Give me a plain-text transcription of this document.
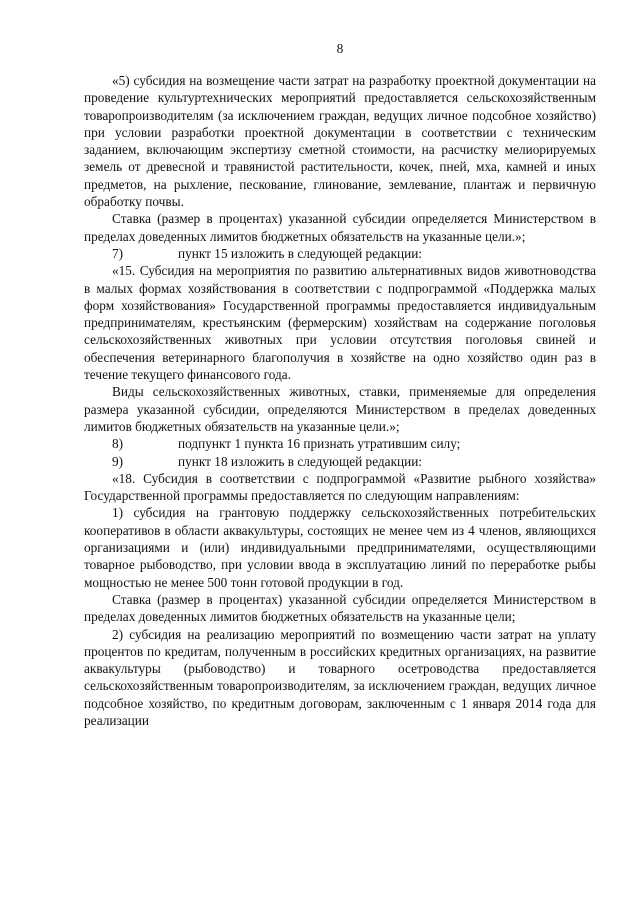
8

«5) субсидия на возмещение части затрат на разработку проектной документации на проведение культуртехнических мероприятий предоставляется сельскохозяйственным товаропроизводителям (за исключением граждан, ведущих личное подсобное хозяйство) при условии разработки проектной документации в соответствии с техническим заданием, включающим экспертизу сметной стоимости, на расчистку мелиорируемых земель от древесной и травянистой растительности, кочек, пней, мха, камней и иных предметов, на рыхление, пескование, глинование, землевание, плантаж и первичную обработку почвы.

Ставка (размер в процентах) указанной субсидии определяется Министерством в пределах доведенных лимитов бюджетных обязательств на указанные цели.»;

7)	пункт 15 изложить в следующей редакции:

«15. Субсидия на мероприятия по развитию альтернативных видов животноводства в малых формах хозяйствования в соответствии с подпрограммой «Поддержка малых форм хозяйствования» Государственной программы предоставляется индивидуальным предпринимателям, крестьянским (фермерским) хозяйствам на содержание поголовья сельскохозяйственных животных при условии отсутствия поголовья свиней и обеспечения ветеринарного благополучия в хозяйстве на одно хозяйство один раз в течение текущего финансового года.

Виды сельскохозяйственных животных, ставки, применяемые для определения размера указанной субсидии, определяются Министерством в пределах доведенных лимитов бюджетных обязательств на указанные цели.»;

8)	подпункт 1 пункта 16 признать утратившим силу;

9)	пункт 18 изложить в следующей редакции:

«18. Субсидия в соответствии с подпрограммой «Развитие рыбного хозяйства» Государственной программы предоставляется по следующим направлениям:

1) субсидия на грантовую поддержку сельскохозяйственных потребительских кооперативов в области аквакультуры, состоящих не менее чем из 4 членов, являющихся организациями и (или) индивидуальными предпринимателями, осуществляющими товарное рыбоводство, при условии ввода в эксплуатацию линий по переработке рыбы мощностью не менее 500 тонн готовой продукции в год.

Ставка (размер в процентах) указанной субсидии определяется Министерством в пределах доведенных лимитов бюджетных обязательств на указанные цели;

2) субсидия на реализацию мероприятий по возмещению части затрат на уплату процентов по кредитам, полученным в российских кредитных организациях, на развитие аквакультуры (рыбоводство) и товарного осетроводства предоставляется сельскохозяйственным товаропроизводителям, за исключением граждан, ведущих личное подсобное хозяйство, по кредитным договорам, заключенным с 1 января 2014 года для реализации
